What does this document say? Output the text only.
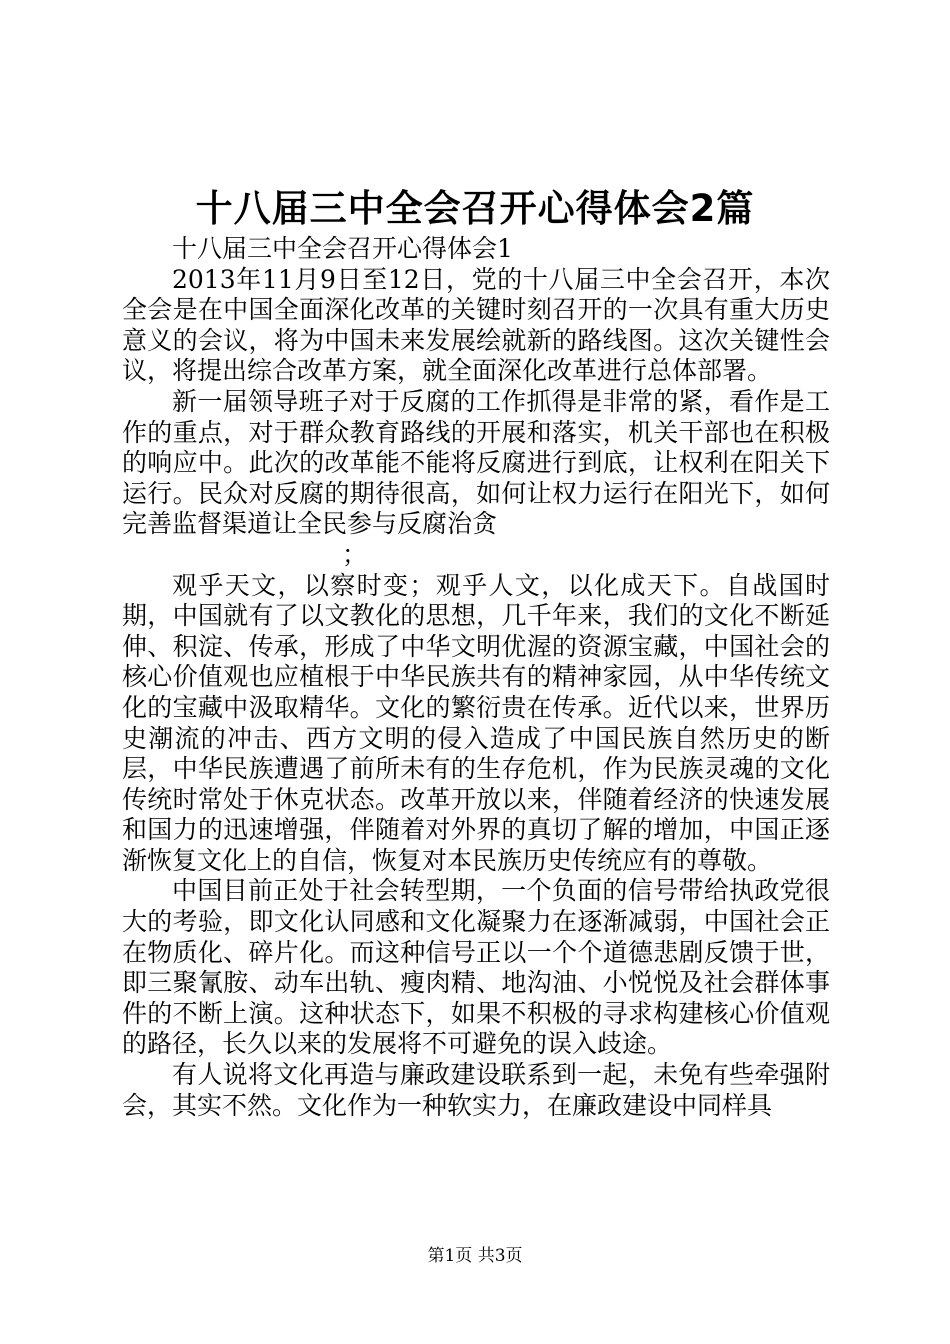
十八届三中全会召开心得体会2篇

十八届三中全会召开心得体会1

2013年11月9日至12日，党的十八届三中全会召开，本次全会是在中国全面深化改革的关键时刻召开的一次具有重大历史意义的会议，将为中国未来发展绘就新的路线图。这次关键性会议，将提出综合改革方案，就全面深化改革进行总体部署。

新一届领导班子对于反腐的工作抓得是非常的紧，看作是工作的重点，对于群众教育路线的开展和落实，机关干部也在积极的响应中。此次的改革能不能将反腐进行到底，让权利在阳关下运行。民众对反腐的期待很高，如何让权力运行在阳光下，如何完善监督渠道让全民参与反腐治贪

；

观乎天文，以察时变；观乎人文，以化成天下。自战国时期，中国就有了以文教化的思想，几千年来，我们的文化不断延伸、积淀、传承，形成了中华文明优渥的资源宝藏，中国社会的核心价值观也应植根于中华民族共有的精神家园，从中华传统文化的宝藏中汲取精华。文化的繁衍贵在传承。近代以来，世界历史潮流的冲击、西方文明的侵入造成了中国民族自然历史的断层，中华民族遭遇了前所未有的生存危机，作为民族灵魂的文化传统时常处于休克状态。改革开放以来，伴随着经济的快速发展和国力的迅速增强，伴随着对外界的真切了解的增加，中国正逐渐恢复文化上的自信，恢复对本民族历史传统应有的尊敬。

中国目前正处于社会转型期，一个负面的信号带给执政党很大的考验，即文化认同感和文化凝聚力在逐渐减弱，中国社会正在物质化、碎片化。而这种信号正以一个个道德悲剧反馈于世，即三聚氰胺、动车出轨、瘦肉精、地沟油、小悦悦及社会群体事件的不断上演。这种状态下，如果不积极的寻求构建核心价值观的路径，长久以来的发展将不可避免的误入歧途。

有人说将文化再造与廉政建设联系到一起，未免有些牵强附会，其实不然。文化作为一种软实力，在廉政建设中同样具

第1页 共3页
